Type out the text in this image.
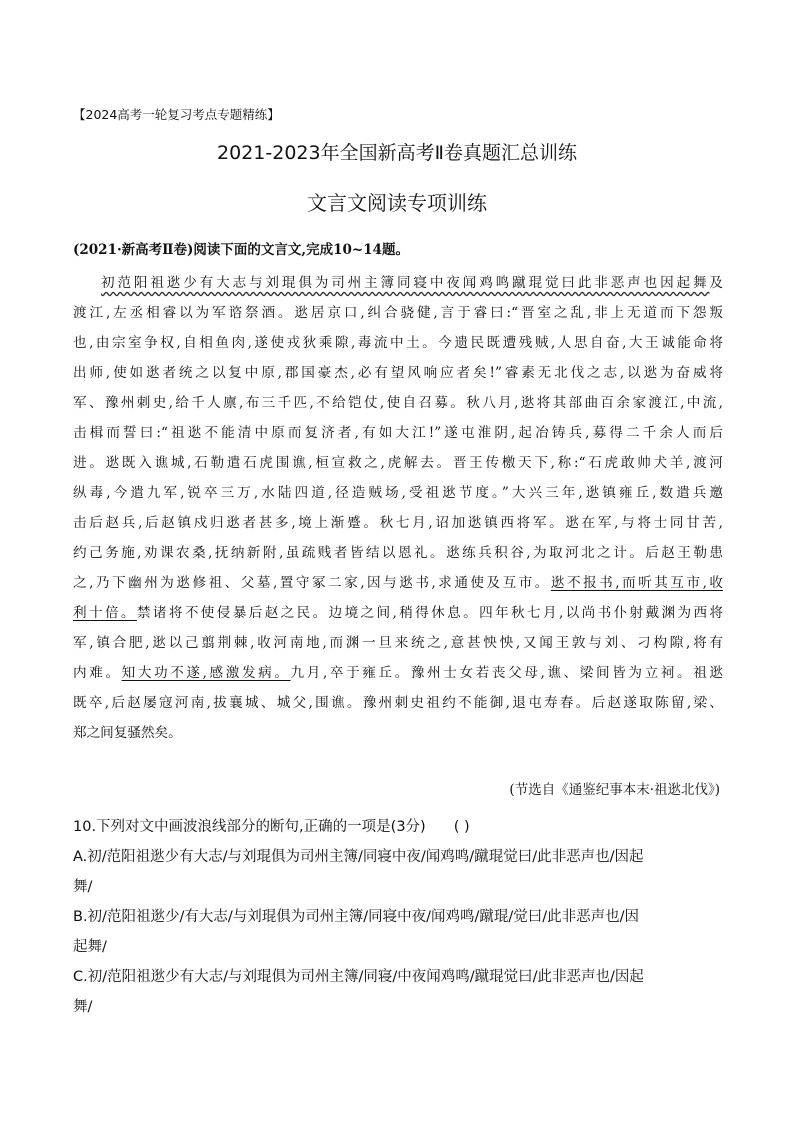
【2024高考一轮复习考点专题精练】
2021-2023年全国新高考Ⅱ卷真题汇总训练
文言文阅读专项训练
(2021·新高考Ⅱ卷)阅读下面的文言文,完成10~14题。
初范阳祖逖少有大志与刘琨俱为司州主簿同寝中夜闻鸡鸣蹴琨觉曰此非恶声也因起舞及
渡江,左丞相睿以为军谘祭酒。逖居京口,纠合骁健,言于睿曰:“晋室之乱,非上无道而下怨叛
也,由宗室争权,自相鱼肉,遂使戎狄乘隙,毒流中土。今遗民既遭残贼,人思自奋,大王诚能命将
出师,使如逖者统之以复中原,郡国豪杰,必有望风响应者矣!”睿素无北伐之志,以逖为奋威将
军、豫州刺史,给千人廪,布三千匹,不给铠仗,使自召募。秋八月,逖将其部曲百余家渡江,中流,
击楫而誓曰:“祖逖不能清中原而复济者,有如大江!”遂屯淮阴,起冶铸兵,募得二千余人而后
进。逖既入谯城,石勒遣石虎围谯,桓宣救之,虎解去。晋王传檄天下,称:“石虎敢帅犬羊,渡河
纵毒,今遣九军,锐卒三万,水陆四道,径造贼场,受祖逖节度。”大兴三年,逖镇雍丘,数遣兵邀
击后赵兵,后赵镇戍归逖者甚多,境上渐蹙。秋七月,诏加逖镇西将军。逖在军,与将士同甘苦,
约己务施,劝课农桑,抚纳新附,虽疏贱者皆结以恩礼。逖练兵积谷,为取河北之计。后赵王勒患
之,乃下幽州为逖修祖、父墓,置守冢二家,因与逖书,求通使及互市。逖不报书,而听其互市,收
利十倍。禁诸将不使侵暴后赵之民。边境之间,稍得休息。四年秋七月,以尚书仆射戴渊为西将
军,镇合肥,逖以己翦荆棘,收河南地,而渊一旦来统之,意甚怏怏,又闻王敦与刘、刁构隙,将有
内难。知大功不遂,感激发病。九月,卒于雍丘。豫州士女若丧父母,谯、梁间皆为立祠。祖逖
既卒,后赵屡寇河南,拔襄城、城父,围谯。豫州刺史祖约不能御,退屯寿春。后赵遂取陈留,梁、
郑之间复骚然矣。
(节选自《通鉴纪事本末·祖逖北伐》)
10.下列对文中画波浪线部分的断句,正确的一项是(3分) ( )
A.初/范阳祖逖少有大志/与刘琨俱为司州主簿/同寝中夜/闻鸡鸣/蹴琨觉曰/此非恶声也/因起
舞/
B.初/范阳祖逖少/有大志/与刘琨俱为司州主簿/同寝中夜/闻鸡鸣/蹴琨/觉曰/此非恶声也/因
起舞/
C.初/范阳祖逖少有大志/与刘琨俱为司州主簿/同寝/中夜闻鸡鸣/蹴琨觉曰/此非恶声也/因起
舞/
